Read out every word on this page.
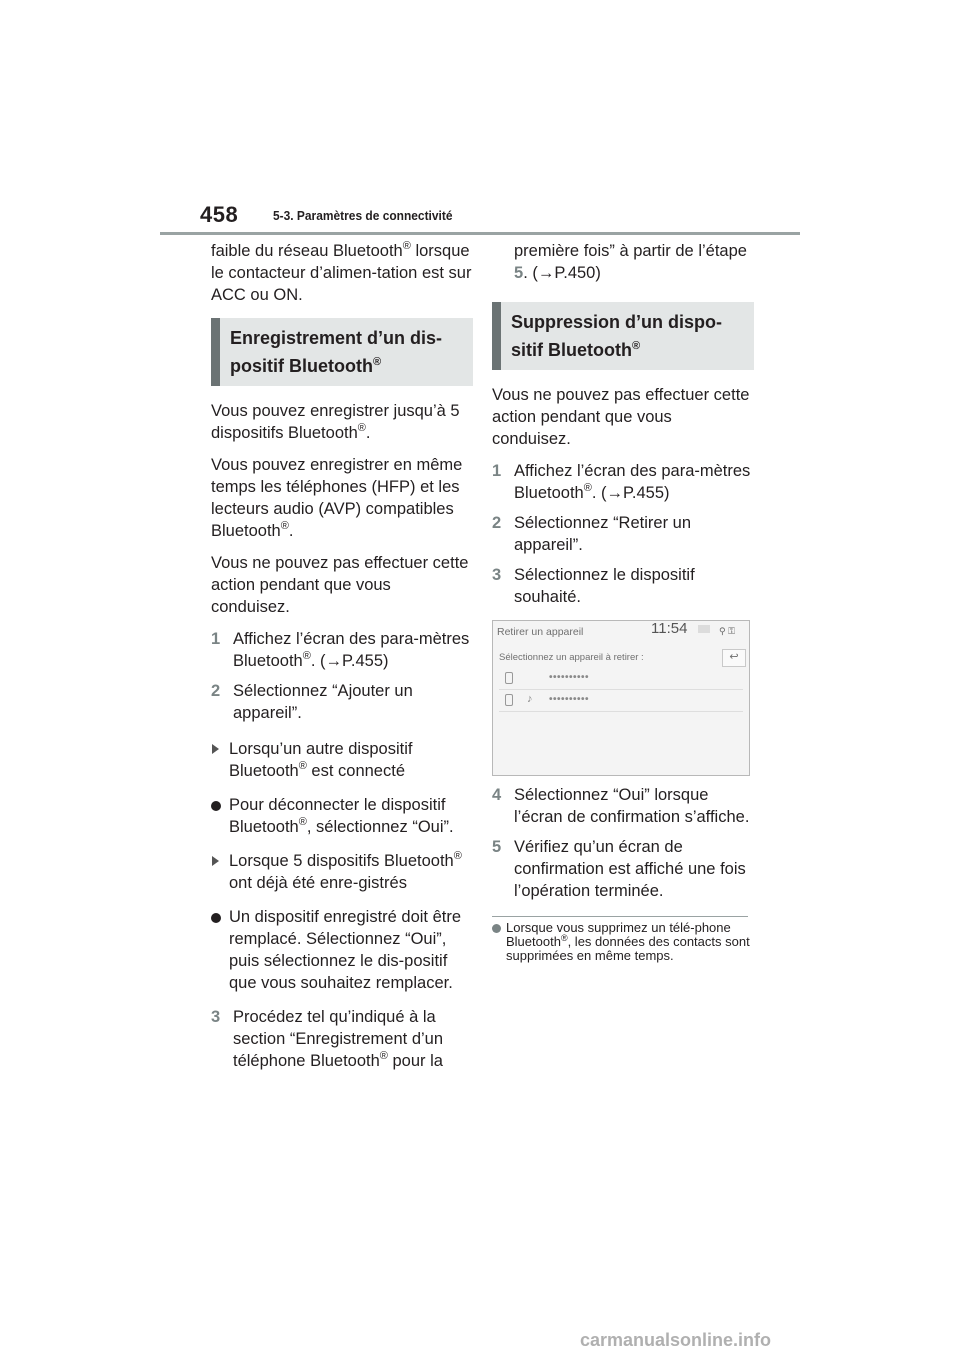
458	5-3. Paramètres de connectivité

faible du réseau Bluetooth® lorsque le contacteur d’alimen-tation est sur ACC ou ON.

Enregistrement d’un dis-positif Bluetooth®

Vous pouvez enregistrer jusqu’à 5 dispositifs Bluetooth®.

Vous pouvez enregistrer en même temps les téléphones (HFP) et les lecteurs audio (AVP) compatibles Bluetooth®.

Vous ne pouvez pas effectuer cette action pendant que vous conduisez.

1 Affichez l’écran des para-mètres Bluetooth®. (→P.455)
2 Sélectionnez “Ajouter un appareil”.
Lorsqu’un autre dispositif Bluetooth® est connecté
Pour déconnecter le dispositif Bluetooth®, sélectionnez “Oui”.
Lorsque 5 dispositifs Bluetooth® ont déjà été enre-gistrés
Un dispositif enregistré doit être remplacé. Sélectionnez “Oui”, puis sélectionnez le dis-positif que vous souhaitez remplacer.
3 Procédez tel qu’indiqué à la section “Enregistrement d’un téléphone Bluetooth® pour la

première fois” à partir de l’étape 5. (→P.450)

Suppression d’un dispo-sitif Bluetooth®

Vous ne pouvez pas effectuer cette action pendant que vous conduisez.

1 Affichez l’écran des para-mètres Bluetooth®. (→P.455)
2 Sélectionnez “Retirer un appareil”.
3 Sélectionnez le dispositif souhaité.
Retirer un appareil	11:54	⚲ ⚿
Sélectionnez un appareil à retirer :	↩
••••••••••
♪ ••••••••••
4 Sélectionnez “Oui” lorsque l’écran de confirmation s’affiche.
5 Vérifiez qu’un écran de confirmation est affiché une fois l’opération terminée.
Lorsque vous supprimez un télé-phone Bluetooth®, les données des contacts sont supprimées en même temps.
carmanualsonline.info
